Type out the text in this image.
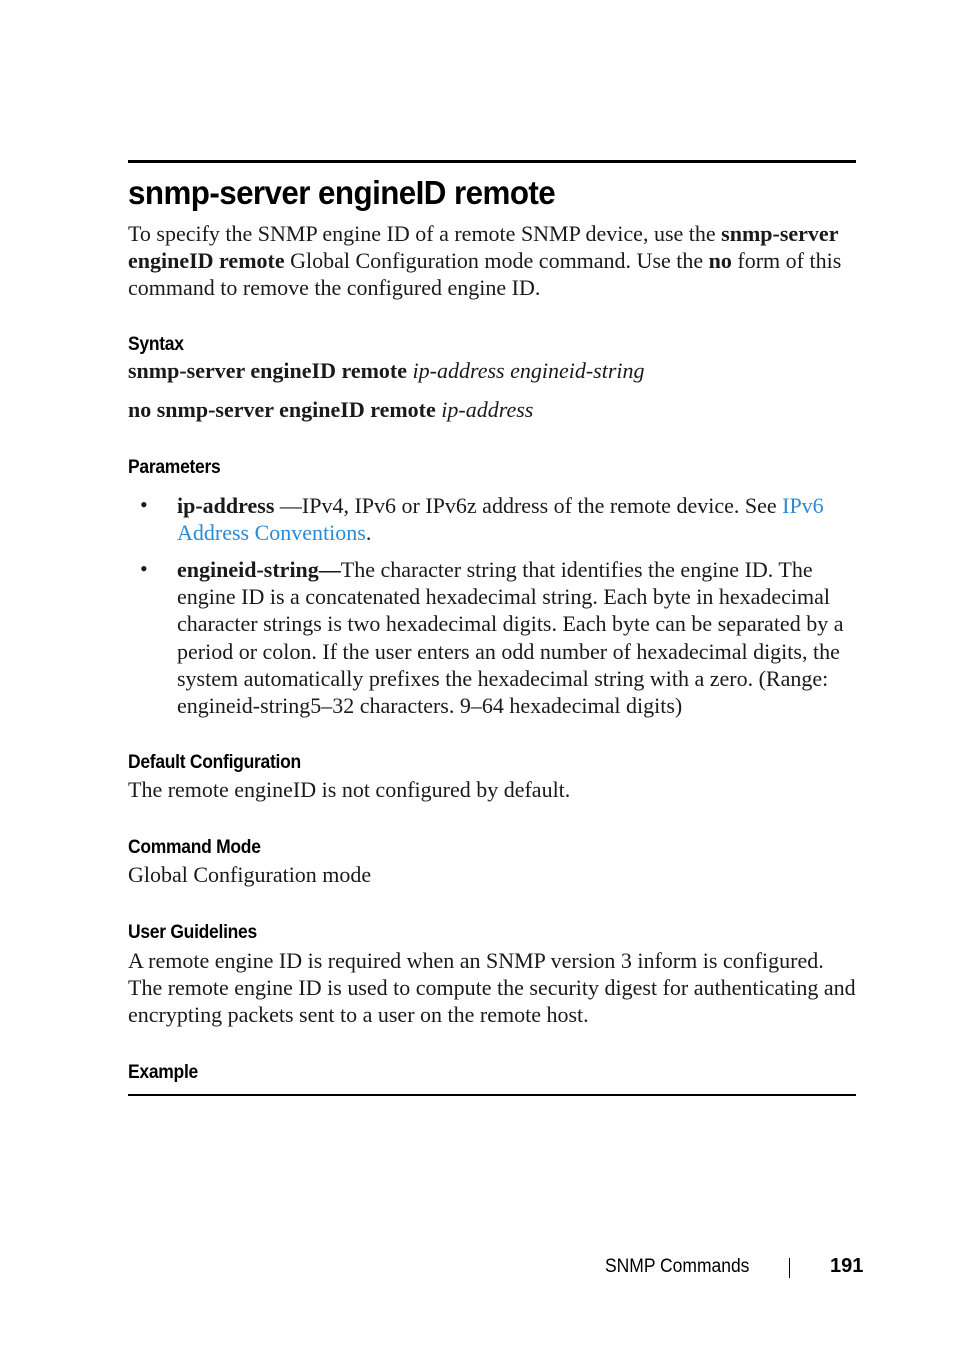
snmp-server engineID remote

To specify the SNMP engine ID of a remote SNMP device, use the snmp-server engineID remote Global Configuration mode command. Use the no form of this command to remove the configured engine ID.

Syntax

snmp-server engineID remote ip-address engineid-string

no snmp-server engineID remote ip-address

Parameters
• ip-address —IPv4, IPv6 or IPv6z address of the remote device. See IPv6 Address Conventions.

• engineid-string—The character string that identifies the engine ID. The engine ID is a concatenated hexadecimal string. Each byte in hexadecimal character strings is two hexadecimal digits. Each byte can be separated by a period or colon. If the user enters an odd number of hexadecimal digits, the system automatically prefixes the hexadecimal string with a zero. (Range: engineid-string5–32 characters. 9–64 hexadecimal digits)

Default Configuration

The remote engineID is not configured by default.

Command Mode

Global Configuration mode

User Guidelines

A remote engine ID is required when an SNMP version 3 inform is configured. The remote engine ID is used to compute the security digest for authenticating and encrypting packets sent to a user on the remote host.

Example
SNMP Commands	191
